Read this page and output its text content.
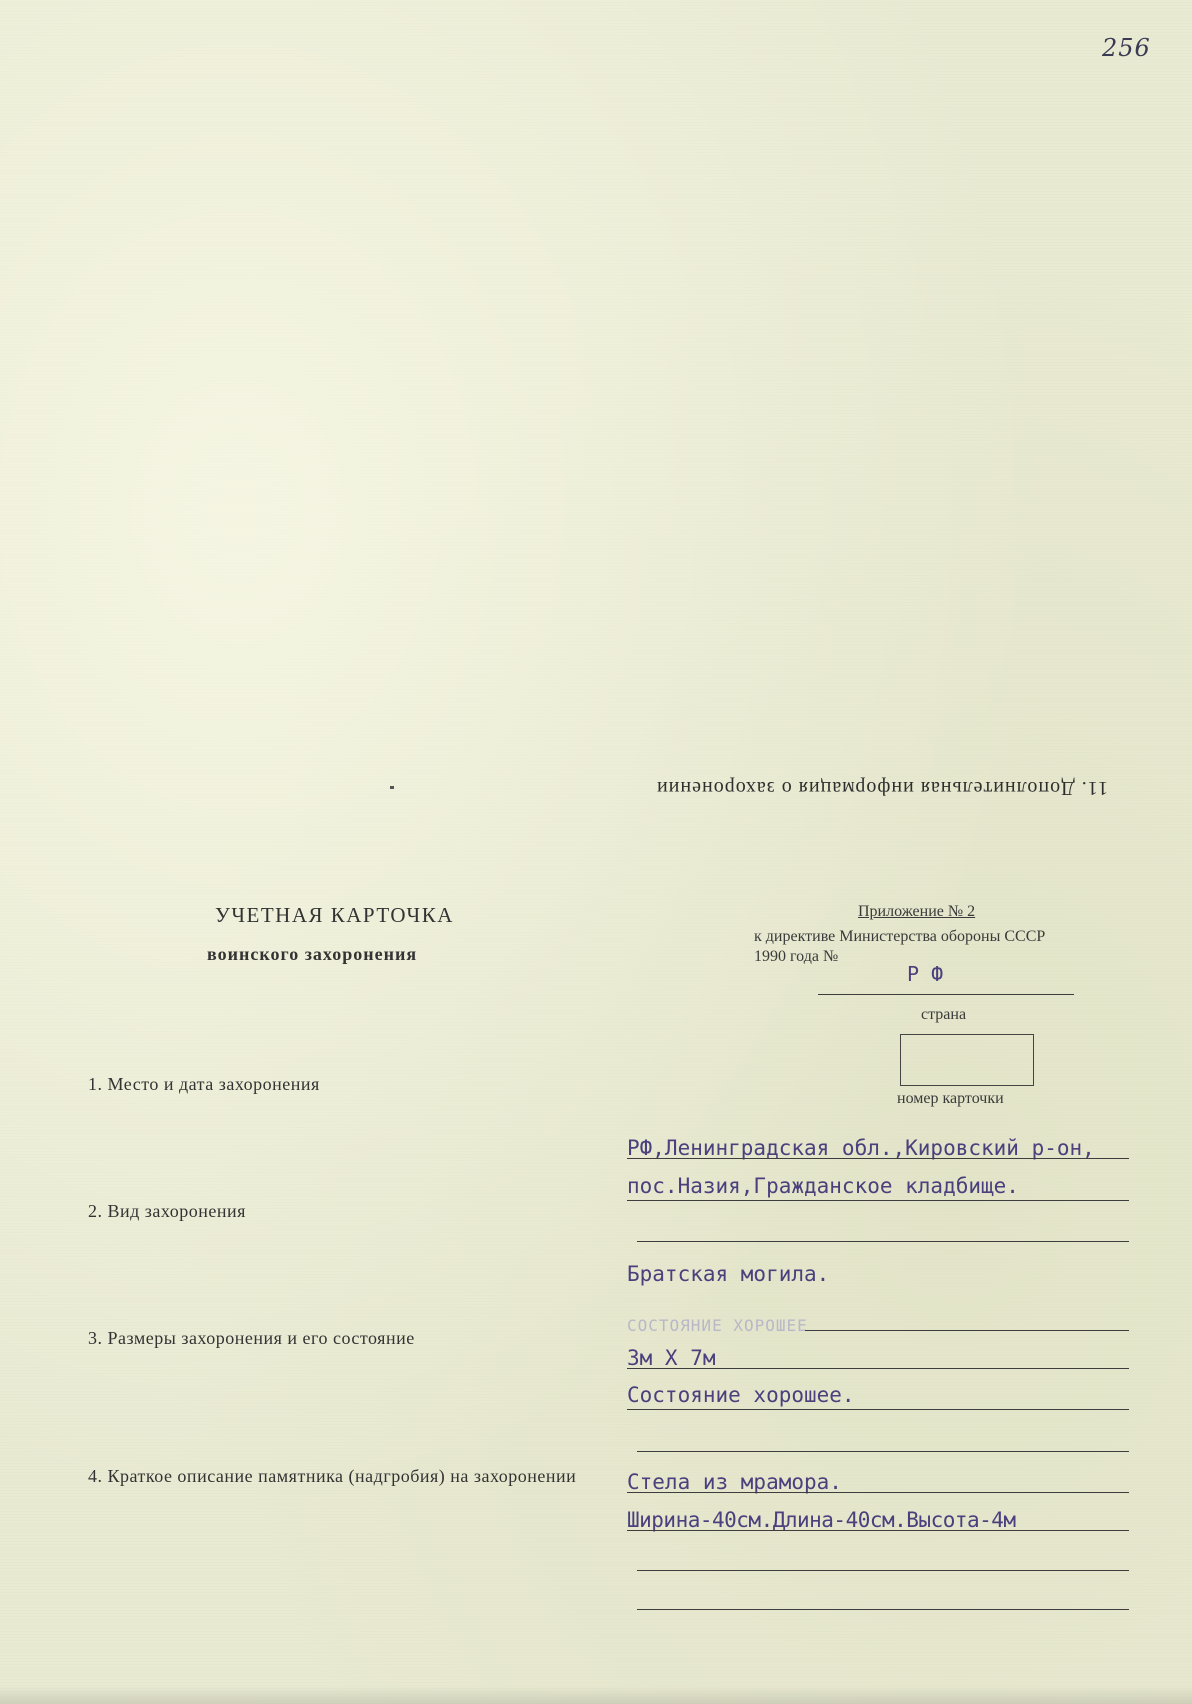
256
11. Дополнительная информация о захоронении
УЧЕТНАЯ КАРТОЧКА
воинского захоронения
Приложение № 2
к директиве Министерства обороны СССР
1990 года №
Р Ф
страна
номер карточки
1. Место и дата захоронения
РФ,Ленинградская обл.,Кировский р-он,
пос.Назия,Гражданское кладбище.
2. Вид захоронения
Братская могила.
3. Размеры захоронения и его состояние
СОСТОЯНИЕ ХОРОШЕЕ
3м Х 7м
Состояние хорошее.
4. Краткое описание памятника (надгробия) на захоронении	Стела из мрамора.
Ширина-40см.Длина-40см.Высота-4м
